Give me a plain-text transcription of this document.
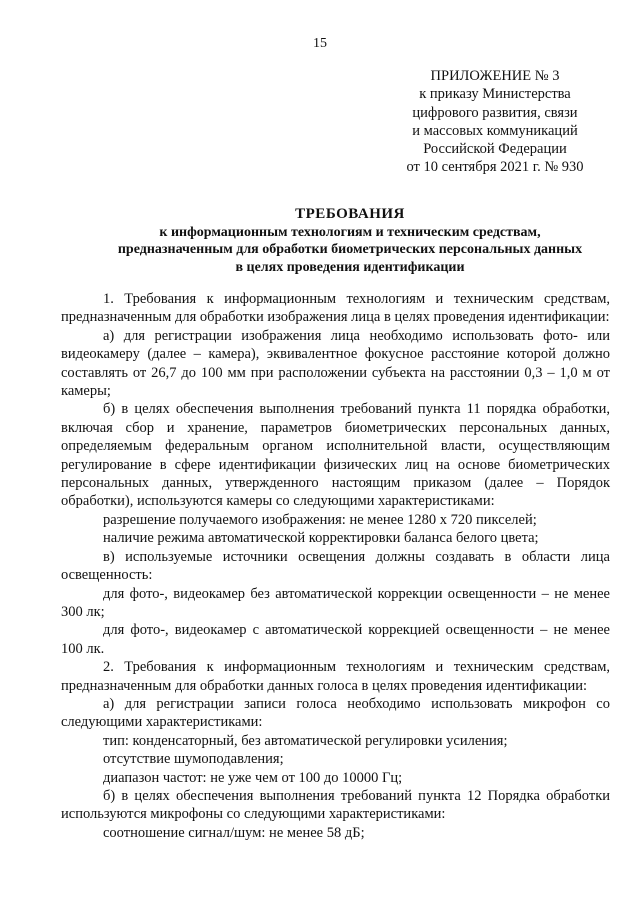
15
ПРИЛОЖЕНИЕ № 3
к приказу Министерства
цифрового развития, связи
и массовых коммуникаций
Российской Федерации
от 10 сентября 2021 г. № 930
ТРЕБОВАНИЯ
к информационным технологиям и техническим средствам,
предназначенным для обработки биометрических персональных данных
в целях проведения идентификации

1. Требования к информационным технологиям и техническим средствам, предназначенным для обработки изображения лица в целях проведения идентификации:

а) для регистрации изображения лица необходимо использовать фото- или видеокамеру (далее – камера), эквивалентное фокусное расстояние которой должно составлять от 26,7 до 100 мм при расположении субъекта на расстоянии 0,3 – 1,0 м от камеры;

б) в целях обеспечения выполнения требований пункта 11 порядка обработки, включая сбор и хранение, параметров биометрических персональных данных, определяемым федеральным органом исполнительной власти, осуществляющим регулирование в сфере идентификации физических лиц на основе биометрических персональных данных, утвержденного настоящим приказом (далее – Порядок обработки), используются камеры со следующими характеристиками:

разрешение получаемого изображения: не менее 1280 x 720 пикселей;

наличие режима автоматической корректировки баланса белого цвета;

в) используемые источники освещения должны создавать в области лица освещенность:

для фото-, видеокамер без автоматической коррекции освещенности – не менее 300 лк;

для фото-, видеокамер с автоматической коррекцией освещенности – не менее 100 лк.

2. Требования к информационным технологиям и техническим средствам, предназначенным для обработки данных голоса в целях проведения идентификации:

а) для регистрации записи голоса необходимо использовать микрофон со следующими характеристиками:

тип: конденсаторный, без автоматической регулировки усиления;

отсутствие шумоподавления;

диапазон частот: не уже чем от 100 до 10000 Гц;

б) в целях обеспечения выполнения требований пункта 12 Порядка обработки используются микрофоны со следующими характеристиками:

соотношение сигнал/шум: не менее 58 дБ;
